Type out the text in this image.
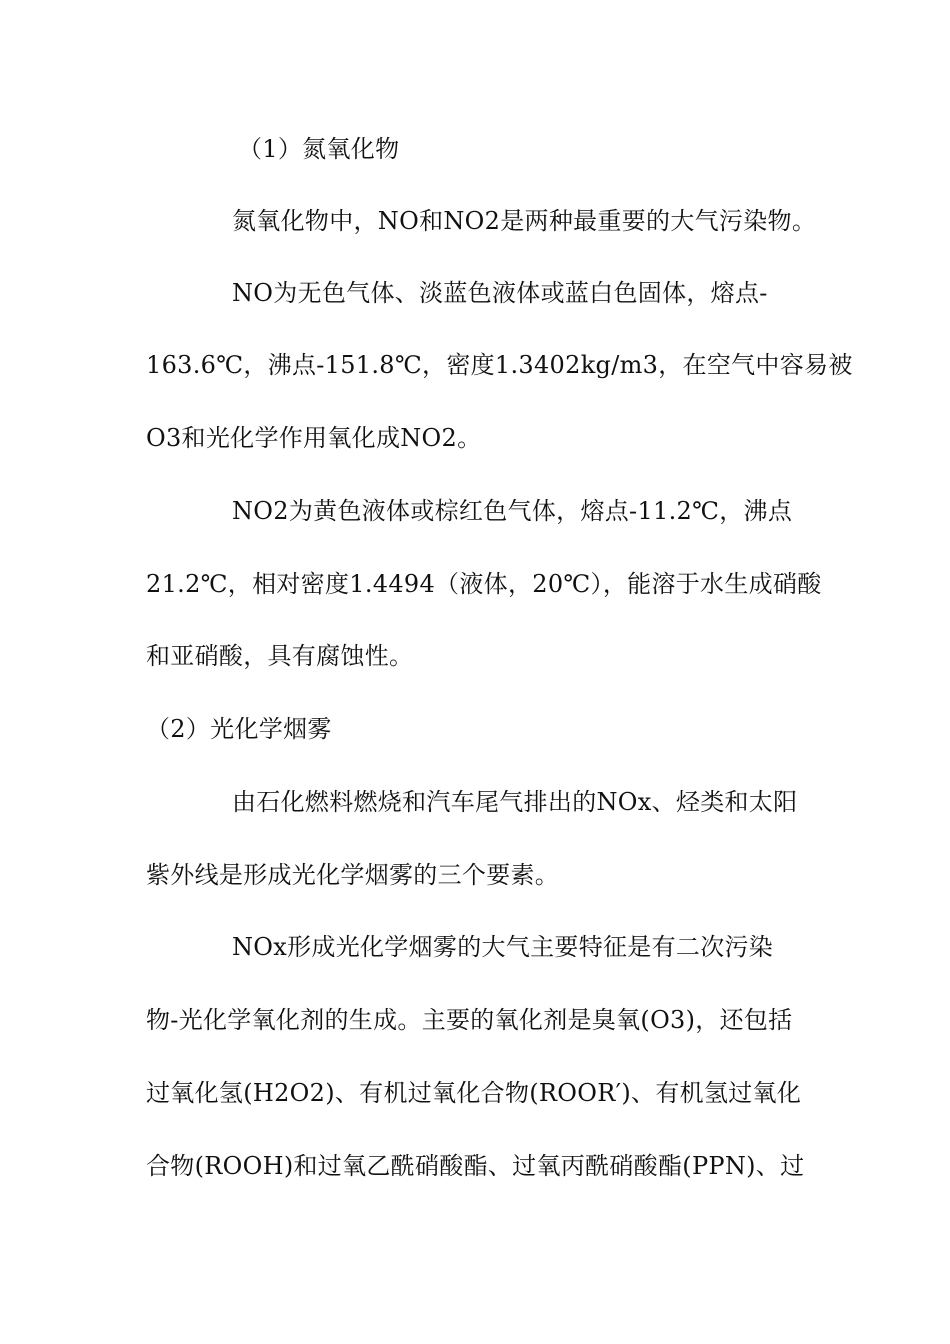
（1）氮氧化物
氮氧化物中，NO和NO2是两种最重要的大气污染物。
NO为无色气体、淡蓝色液体或蓝白色固体，熔点-
163.6℃，沸点-151.8℃，密度1.3402kg/m3，在空气中容易被
O3和光化学作用氧化成NO2。
NO2为黄色液体或棕红色气体，熔点-11.2℃，沸点
21.2℃，相对密度1.4494（液体，20℃），能溶于水生成硝酸
和亚硝酸，具有腐蚀性。
（2）光化学烟雾
由石化燃料燃烧和汽车尾气排出的NOx、烃类和太阳
紫外线是形成光化学烟雾的三个要素。
NOx形成光化学烟雾的大气主要特征是有二次污染
物-光化学氧化剂的生成。主要的氧化剂是臭氧(O3)，还包括
过氧化氢(H2O2)、有机过氧化合物(ROOR′)、有机氢过氧化
合物(ROOH)和过氧乙酰硝酸酯、过氧丙酰硝酸酯(PPN)、过
